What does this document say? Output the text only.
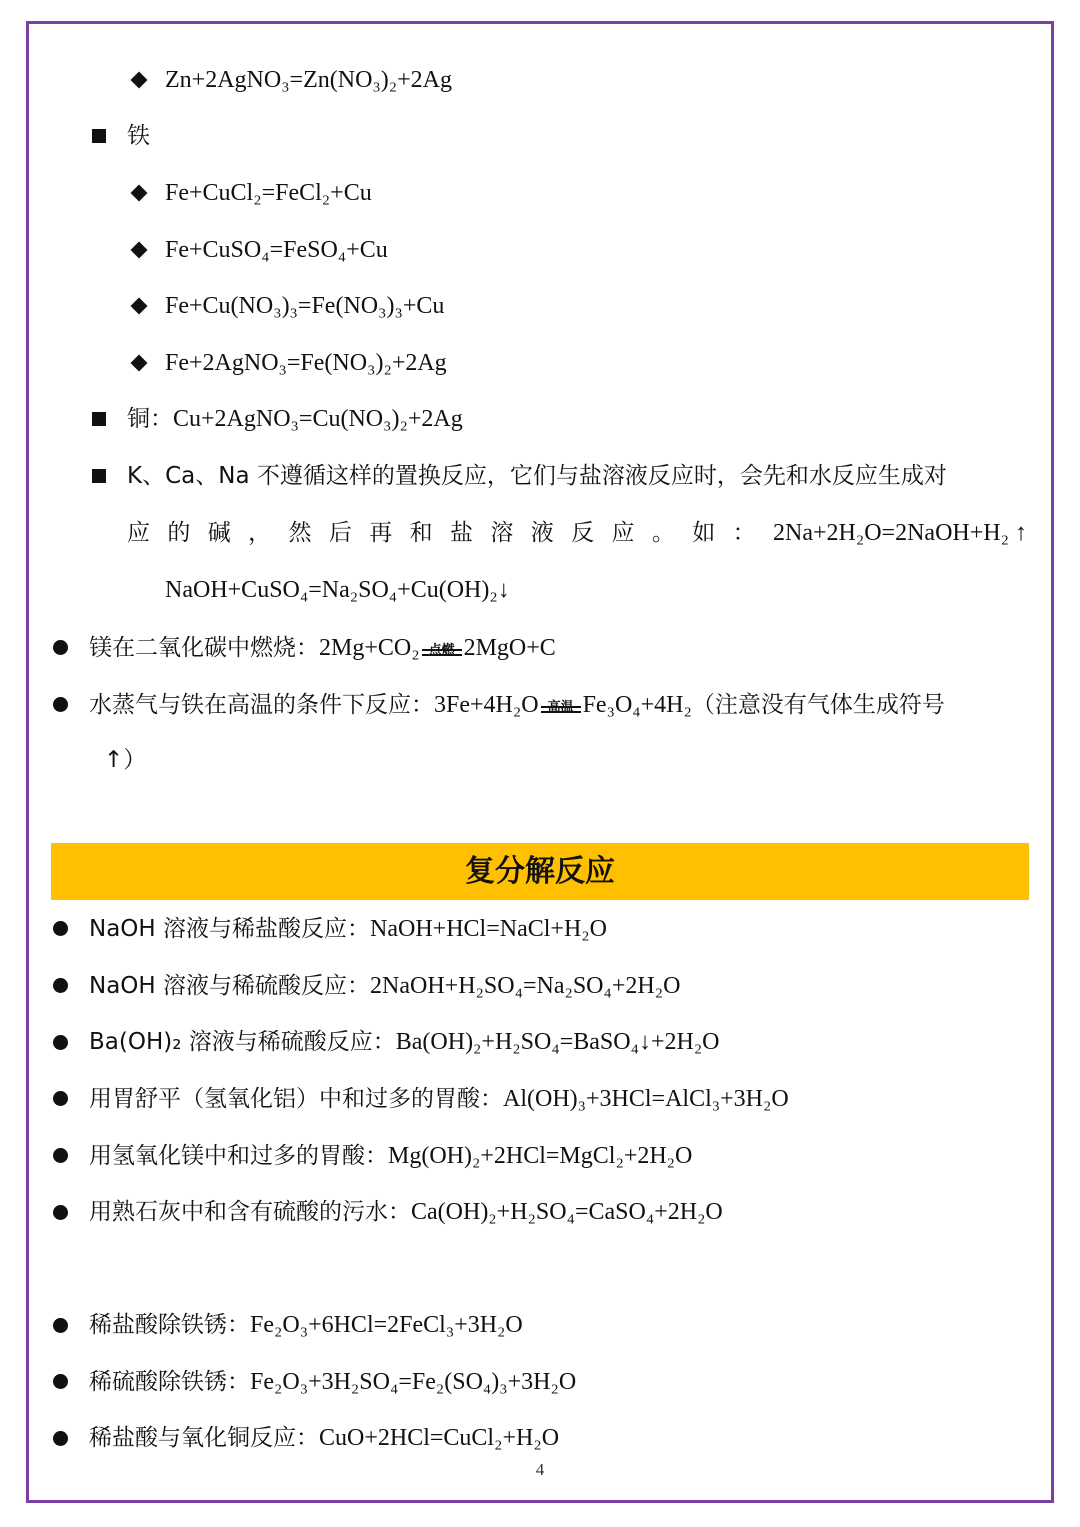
Zn+2AgNO₃=Zn(NO₃)₂+2Ag
铁
Fe+CuCl₂=FeCl₂+Cu
Fe+CuSO₄=FeSO₄+Cu
Fe+Cu(NO₃)₃=Fe(NO₃)₃+Cu
Fe+2AgNO₃=Fe(NO₃)₂+2Ag
铜：Cu+2AgNO₃=Cu(NO₃)₂+2Ag
K、Ca、Na 不遵循这样的置换反应，它们与盐溶液反应时，会先和水反应生成对
应 的 碱 ， 然 后 再 和 盐 溶 液 反 应 。 如 ： 2Na+2H₂O=2NaOH+H₂ ↑
NaOH+CuSO₄=Na₂SO₄+Cu(OH)₂↓
镁在二氧化碳中燃烧：2Mg+CO₂ 2MgO+C
水蒸气与铁在高温的条件下反应：3Fe+4H₂O Fe₃O₄+4H₂（注意没有气体生成符号
↑）
复分解反应
NaOH 溶液与稀盐酸反应：NaOH+HCl=NaCl+H₂O
NaOH 溶液与稀硫酸反应：2NaOH+H₂SO₄=Na₂SO₄+2H₂O
Ba(OH)₂ 溶液与稀硫酸反应：Ba(OH)₂+H₂SO₄=BaSO₄↓+2H₂O
用胃舒平（氢氧化铝）中和过多的胃酸：Al(OH)₃+3HCl=AlCl₃+3H₂O
用氢氧化镁中和过多的胃酸：Mg(OH)₂+2HCl=MgCl₂+2H₂O
用熟石灰中和含有硫酸的污水：Ca(OH)₂+H₂SO₄=CaSO₄+2H₂O
稀盐酸除铁锈：Fe₂O₃+6HCl=2FeCl₃+3H₂O
稀硫酸除铁锈：Fe₂O₃+3H₂SO₄=Fe₂(SO₄)₃+3H₂O
稀盐酸与氧化铜反应：CuO+2HCl=CuCl₂+H₂O
4
